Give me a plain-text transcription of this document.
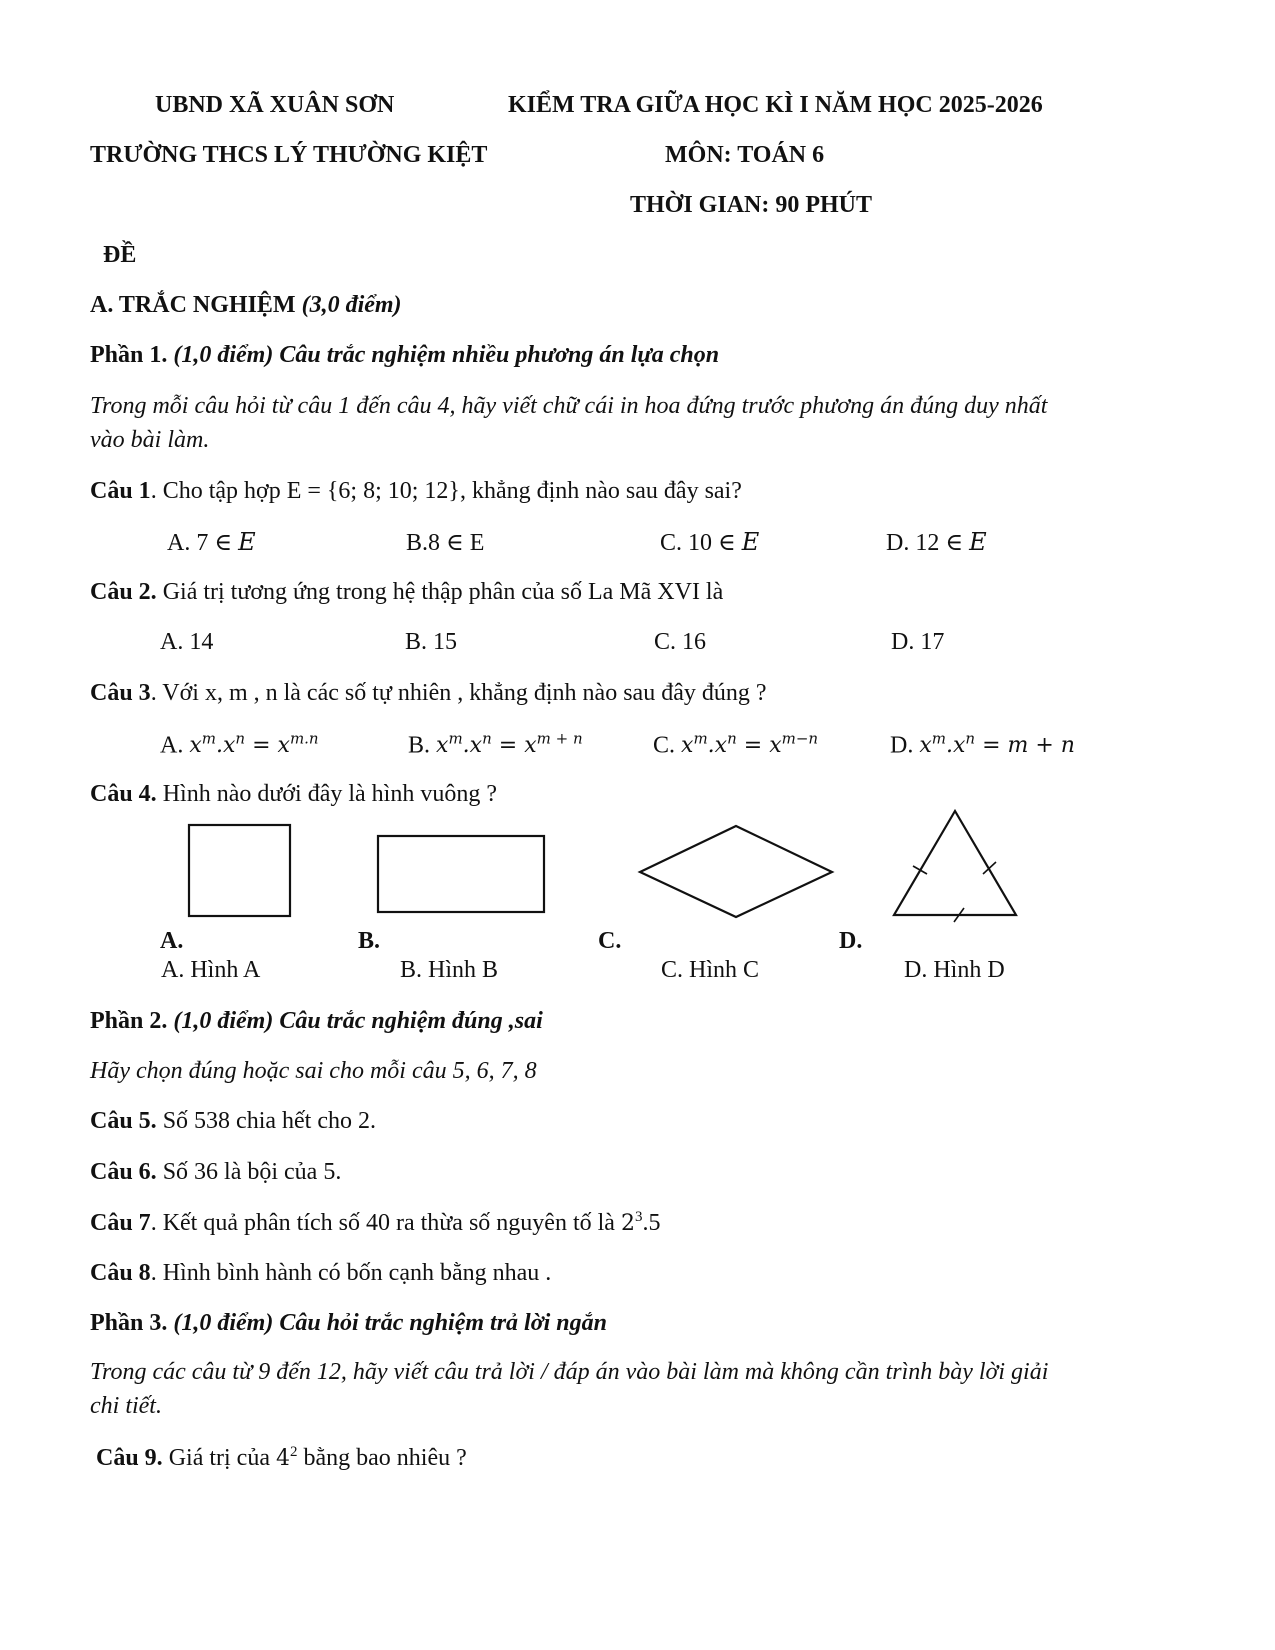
UBND XÃ XUÂN SƠN
TRƯỜNG THCS LÝ THƯỜNG KIỆT
KIỂM TRA GIỮA HỌC KÌ I NĂM HỌC 2025-2026
MÔN: TOÁN 6
THỜI GIAN: 90 PHÚT
ĐỀ
A. TRẮC NGHIỆM (3,0 điểm)
Phần 1. (1,0 điểm) Câu trắc nghiệm nhiều phương án lựa chọn
Trong mỗi câu hỏi từ câu 1 đến câu 4, hãy viết chữ cái in hoa đứng trước phương án đúng duy nhất
vào bài làm.
Câu 1. Cho tập hợp E = {6; 8; 10; 12}, khẳng định nào sau đây sai?
A. 7 ∈ 𝐸	B.8 ∈ E	C. 10 ∈ 𝐸	D. 12 ∈ 𝐸
Câu 2. Giá trị tương ứng trong hệ thập phân của số La Mã XVI là
A. 14	B. 15	C. 16	D. 17
Câu 3. Với x, m , n là các số tự nhiên , khẳng định nào sau đây đúng ?
A. $x^m.x^n = x^{m.n}$	B. $x^m.x^n = x^{m + n}$	C. $x^m.x^n = x^{m-n}$	D. $x^m.x^n = m + n$
Câu 4. Hình nào dưới đây là hình vuông ?
A.	B.	C.	D.
A. Hình A	B. Hình B	C. Hình C	D. Hình D
Phần 2. (1,0 điểm) Câu trắc nghiệm đúng ,sai
Hãy chọn đúng hoặc sai cho mỗi câu 5, 6, 7, 8
Câu 5. Số 538 chia hết cho 2.
Câu 6. Số 36 là bội của 5.
Câu 7. Kết quả phân tích số 40 ra thừa số nguyên tố là $2^3.5$
Câu 8. Hình bình hành có bốn cạnh bằng nhau .
Phần 3. (1,0 điểm) Câu hỏi trắc nghiệm trả lời ngắn
Trong các câu từ 9 đến 12, hãy viết câu trả lời / đáp án vào bài làm mà không cần trình bày lời giải
chi tiết.
Câu 9. Giá trị của $4^2$ bằng bao nhiêu ?
